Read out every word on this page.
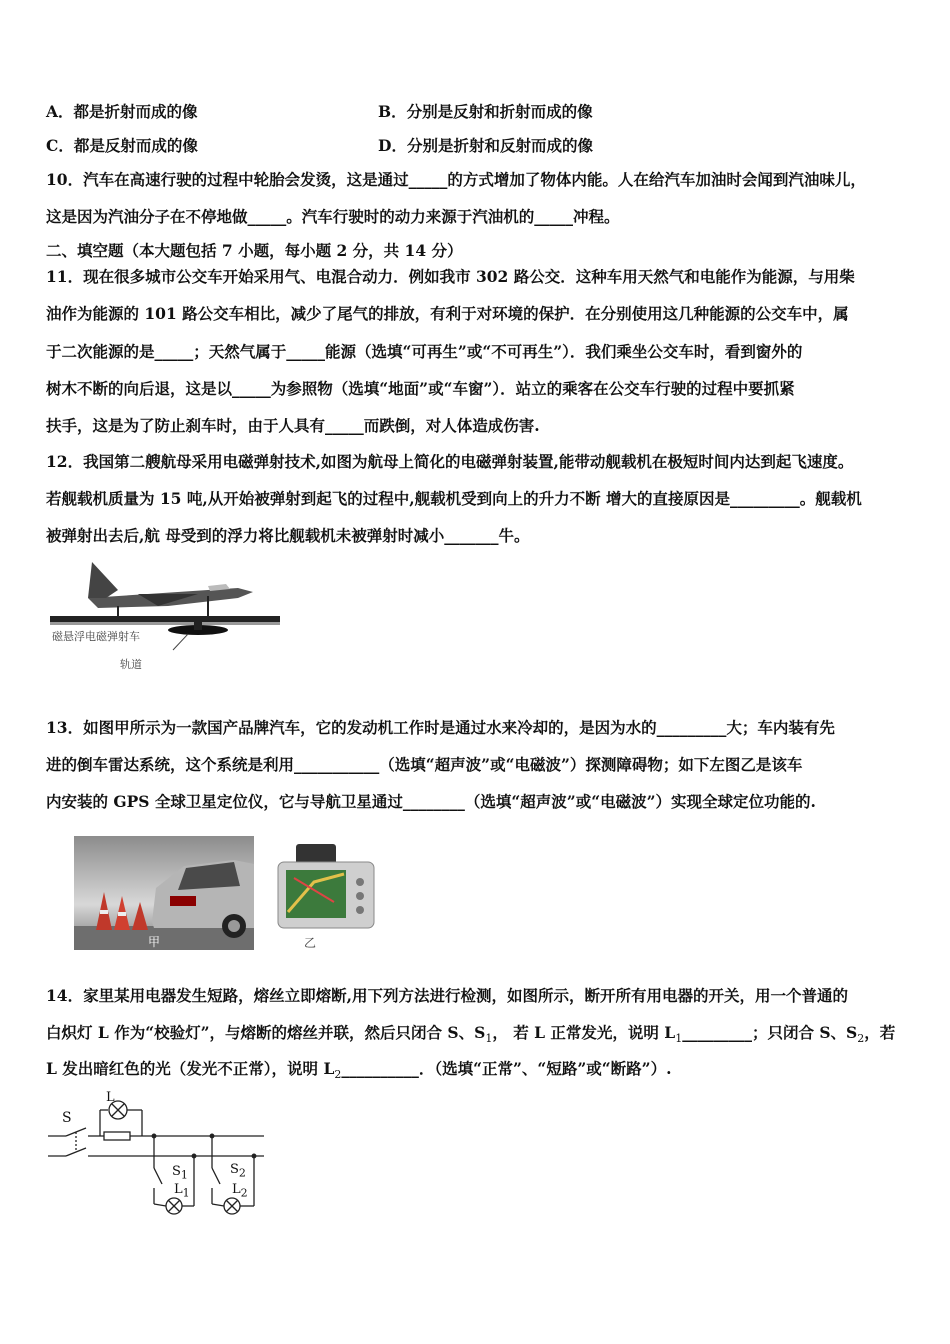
A．都是折射而成的像	B．分别是反射和折射而成的像
C．都是反射而成的像	D．分别是折射和反射而成的像
10．汽车在高速行驶的过程中轮胎会发烫，这是通过_____的方式增加了物体内能。人在给汽车加油时会闻到汽油味儿，
这是因为汽油分子在不停地做_____。汽车行驶时的动力来源于汽油机的_____冲程。
二、填空题（本大题包括 7 小题，每小题 2 分，共 14 分）
11．现在很多城市公交车开始采用气、电混合动力．例如我市 302 路公交．这种车用天然气和电能作为能源，与用柴
油作为能源的 101 路公交车相比，减少了尾气的排放，有利于对环境的保护．在分别使用这几种能源的公交车中，属
于二次能源的是_____；天然气属于_____能源（选填“可再生”或“不可再生”）．我们乘坐公交车时，看到窗外的
树木不断的向后退，这是以_____为参照物（选填“地面”或“车窗”）．站立的乘客在公交车行驶的过程中要抓紧
扶手，这是为了防止刹车时，由于人具有_____而跌倒，对人体造成伤害.
12．我国第二艘航母采用电磁弹射技术,如图为航母上简化的电磁弹射装置,能带动舰载机在极短时间内达到起飞速度。
若舰载机质量为 15 吨,从开始被弹射到起飞的过程中,舰载机受到向上的升力不断 增大的直接原因是_________。舰载机
被弹射出去后,航 母受到的浮力将比舰载机未被弹射时减小_______牛。
磁悬浮电磁弹射车
轨道
13．如图甲所示为一款国产品牌汽车，它的发动机工作时是通过水来冷却的，是因为水的_________大；车内装有先
进的倒车雷达系统，这个系统是利用___________（选填“超声波”或“电磁波”）探测障碍物；如下左图乙是该车
内安装的 GPS 全球卫星定位仪，它与导航卫星通过________（选填“超声波”或“电磁波”）实现全球定位功能的.
甲	乙
14．家里某用电器发生短路，熔丝立即熔断,用下列方法进行检测，如图所示，断开所有用电器的开关，用一个普通的
白炽灯 L 作为“校验灯”，与熔断的熔丝并联，然后只闭合 S、$S_1$， 若 L 正常发光，说明 $L_1\_\_\_\_\_\_\_\_\_$；只闭合 S、$S_2$，若
L 发出暗红色的光（发光不正常），说明 $L_2\_\_\_\_\_\_\_\_\_\_$．（选填“正常”、“短路”或“断路”）.
S
L
$S_1$
$L_1$
$S_2$
$L_2$
